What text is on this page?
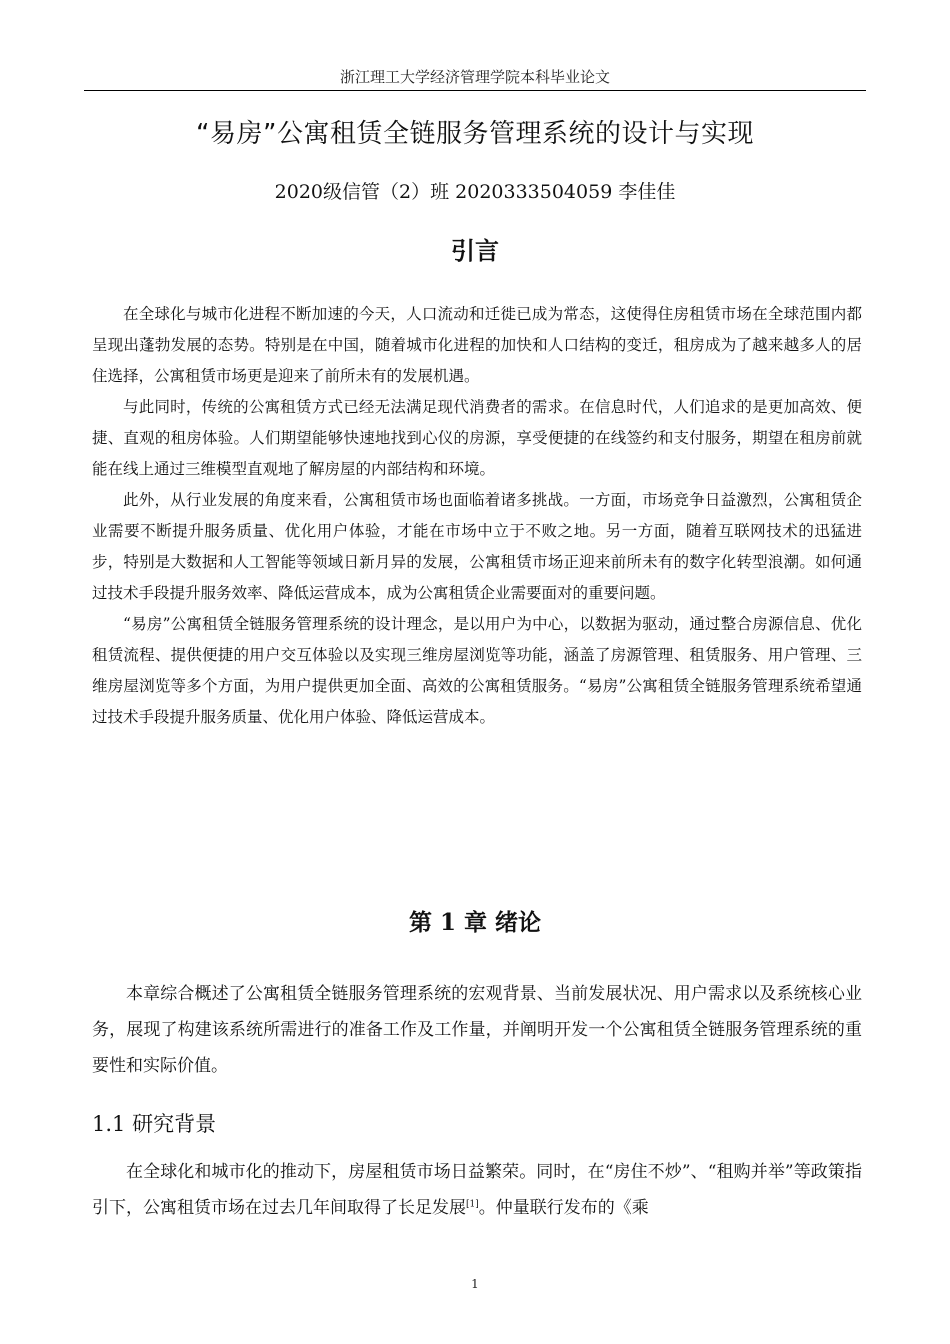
浙江理工大学经济管理学院本科毕业论文
“易房”公寓租赁全链服务管理系统的设计与实现
2020级信管（2）班 2020333504059 李佳佳
引言

在全球化与城市化进程不断加速的今天，人口流动和迁徙已成为常态，这使得住房租赁市场在全球范围内都呈现出蓬勃发展的态势。特别是在中国，随着城市化进程的加快和人口结构的变迁，租房成为了越来越多人的居住选择，公寓租赁市场更是迎来了前所未有的发展机遇。

与此同时，传统的公寓租赁方式已经无法满足现代消费者的需求。在信息时代，人们追求的是更加高效、便捷、直观的租房体验。人们期望能够快速地找到心仪的房源，享受便捷的在线签约和支付服务，期望在租房前就能在线上通过三维模型直观地了解房屋的内部结构和环境。

此外，从行业发展的角度来看，公寓租赁市场也面临着诸多挑战。一方面，市场竞争日益激烈，公寓租赁企业需要不断提升服务质量、优化用户体验，才能在市场中立于不败之地。另一方面，随着互联网技术的迅猛进步，特别是大数据和人工智能等领域日新月异的发展，公寓租赁市场正迎来前所未有的数字化转型浪潮。如何通过技术手段提升服务效率、降低运营成本，成为公寓租赁企业需要面对的重要问题。

“易房”公寓租赁全链服务管理系统的设计理念，是以用户为中心，以数据为驱动，通过整合房源信息、优化租赁流程、提供便捷的用户交互体验以及实现三维房屋浏览等功能，涵盖了房源管理、租赁服务、用户管理、三维房屋浏览等多个方面，为用户提供更加全面、高效的公寓租赁服务。“易房”公寓租赁全链服务管理系统希望通过技术手段提升服务质量、优化用户体验、降低运营成本。

第 1 章 绪论

本章综合概述了公寓租赁全链服务管理系统的宏观背景、当前发展状况、用户需求以及系统核心业务，展现了构建该系统所需进行的准备工作及工作量，并阐明开发一个公寓租赁全链服务管理系统的重要性和实际价值。

1.1 研究背景

在全球化和城市化的推动下，房屋租赁市场日益繁荣。同时，在“房住不炒”、“租购并举”等政策指引下，公寓租赁市场在过去几年间取得了长足发展[1]。仲量联行发布的《乘

1
